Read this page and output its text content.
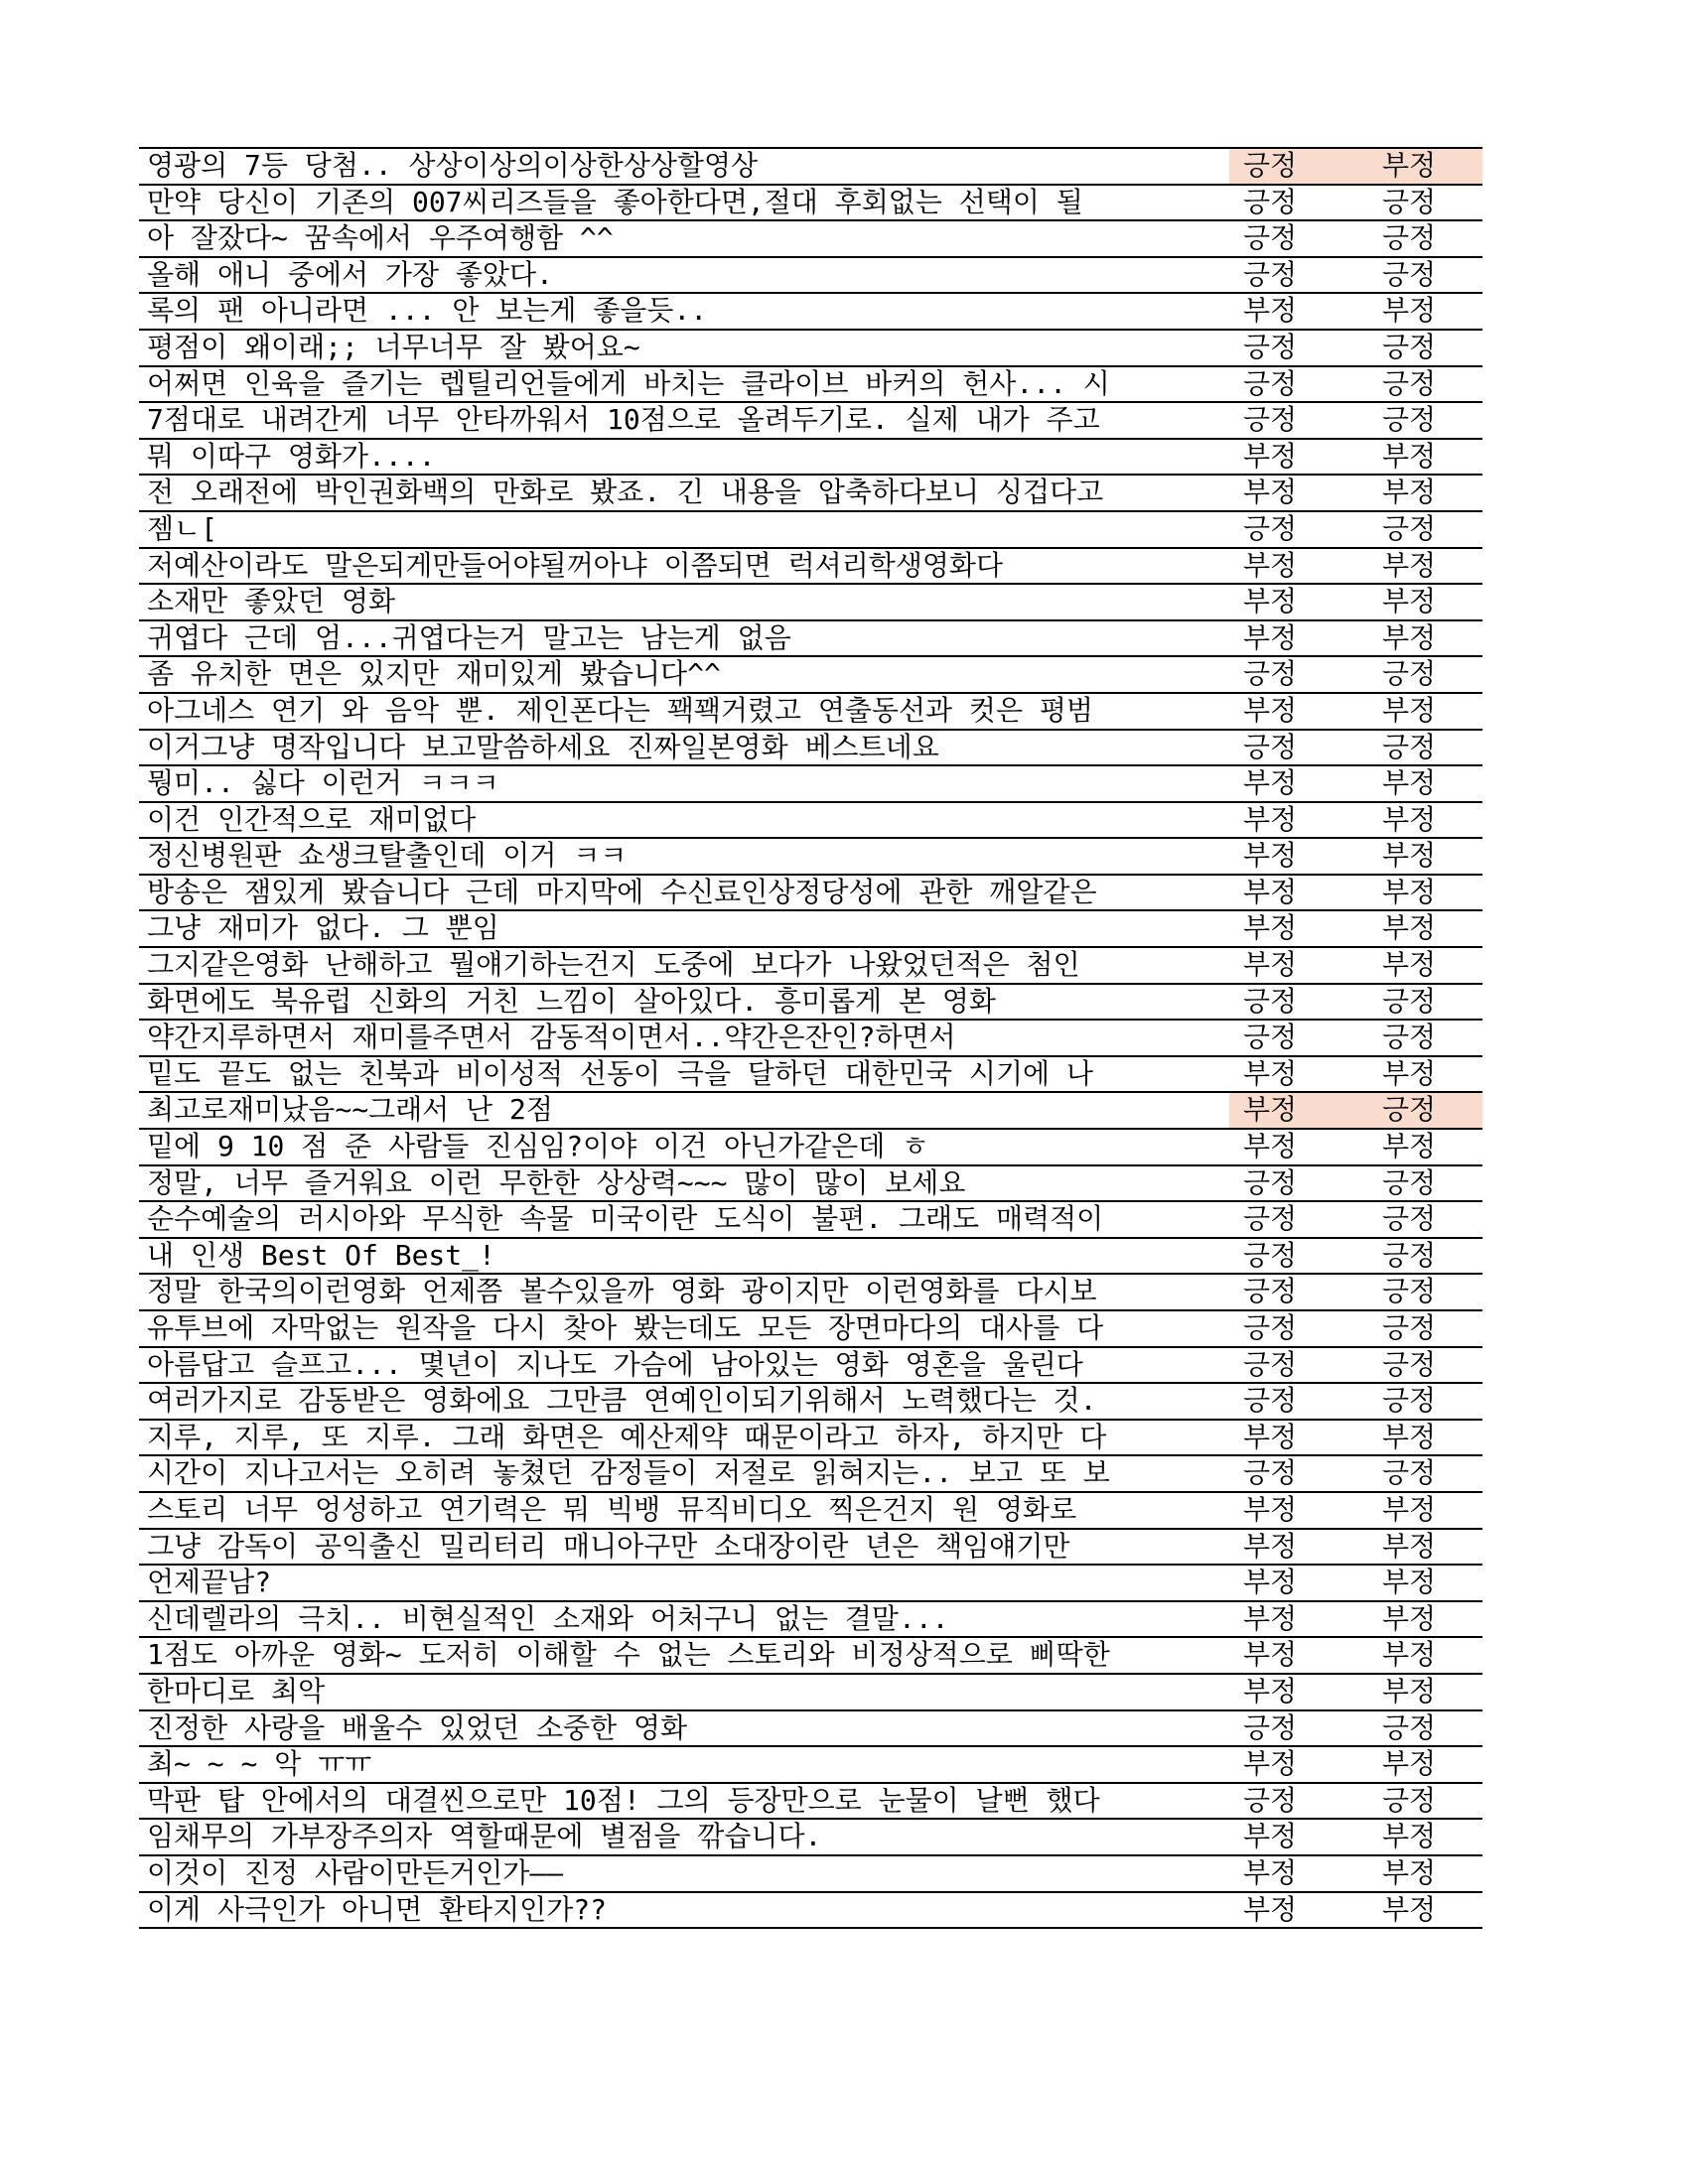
영광의 7등 당첨.. 상상이상의이상한상상할영상	긍정	부정
만약 당신이 기존의 007씨리즈들을 좋아한다면,절대 후회없는 선택이 될	긍정	긍정
아 잘잤다~ 꿈속에서 우주여행함 ^^	긍정	긍정
올해 애니 중에서 가장 좋았다.	긍정	긍정
록의 팬 아니라면 ... 안 보는게 좋을듯..	부정	부정
평점이 왜이래;; 너무너무 잘 봤어요~	긍정	긍정
어쩌면 인육을 즐기는 렙틸리언들에게 바치는 클라이브 바커의 헌사... 시	긍정	긍정
7점대로 내려간게 너무 안타까워서 10점으로 올려두기로. 실제 내가 주고	긍정	긍정
뭐 이따구 영화가....	부정	부정
전 오래전에 박인권화백의 만화로 봤죠. 긴 내용을 압축하다보니 싱겁다고	부정	부정
젬ㄴ[	긍정	긍정
저예산이라도 말은되게만들어야될꺼아냐 이쯤되면 럭셔리학생영화다	부정	부정
소재만 좋았던 영화	부정	부정
귀엽다 근데 엄...귀엽다는거 말고는 남는게 없음	부정	부정
좀 유치한 면은 있지만 재미있게 봤습니다^^	긍정	긍정
아그네스 연기 와 음악 뿐. 제인폰다는 꽥꽥거렸고 연출동선과 컷은 평범	부정	부정
이거그냥 명작입니다 보고말씀하세요 진짜일본영화 베스트네요	긍정	긍정
뭥미.. 싫다 이런거 ㅋㅋㅋ	부정	부정
이건 인간적으로 재미없다	부정	부정
정신병원판 쇼생크탈출인데 이거 ㅋㅋ	부정	부정
방송은 잼있게 봤습니다 근데 마지막에 수신료인상정당성에 관한 깨알같은	부정	부정
그냥 재미가 없다. 그 뿐임	부정	부정
그지같은영화 난해하고 뭘얘기하는건지 도중에 보다가 나왔었던적은 첨인	부정	부정
화면에도 북유럽 신화의 거친 느낌이 살아있다. 흥미롭게 본 영화	긍정	긍정
약간지루하면서 재미를주면서 감동적이면서..약간은잔인?하면서	긍정	긍정
밑도 끝도 없는 친북과 비이성적 선동이 극을 달하던 대한민국 시기에 나	부정	부정
최고로재미났음~~그래서 난 2점	부정	긍정
밑에 9 10 점 준 사람들 진심임?이야 이건 아닌가같은데 ㅎ	부정	부정
정말, 너무 즐거워요 이런 무한한 상상력~~~ 많이 많이 보세요	긍정	긍정
순수예술의 러시아와 무식한 속물 미국이란 도식이 불편. 그래도 매력적이	긍정	긍정
내 인생 Best Of Best_!	긍정	긍정
정말 한국의이런영화 언제쯤 볼수있을까 영화 광이지만 이런영화를 다시보	긍정	긍정
유투브에 자막없는 원작을 다시 찾아 봤는데도 모든 장면마다의 대사를 다	긍정	긍정
아름답고 슬프고... 몇년이 지나도 가슴에 남아있는 영화 영혼을 울린다	긍정	긍정
여러가지로 감동받은 영화에요 그만큼 연예인이되기위해서 노력했다는 것.	긍정	긍정
지루, 지루, 또 지루. 그래 화면은 예산제약 때문이라고 하자, 하지만 다	부정	부정
시간이 지나고서는 오히려 놓쳤던 감정들이 저절로 읽혀지는.. 보고 또 보	긍정	긍정
스토리 너무 엉성하고 연기력은 뭐 빅뱅 뮤직비디오 찍은건지 원 영화로	부정	부정
그냥 감독이 공익출신 밀리터리 매니아구만 소대장이란 년은 책임얘기만	부정	부정
언제끝남?	부정	부정
신데렐라의 극치.. 비현실적인 소재와 어처구니 없는 결말...	부정	부정
1점도 아까운 영화~ 도저히 이해할 수 없는 스토리와 비정상적으로 삐딱한	부정	부정
한마디로 최악	부정	부정
진정한 사랑을 배울수 있었던 소중한 영화	긍정	긍정
최~ ~ ~ 악 ㅠㅠ	부정	부정
막판 탑 안에서의 대결씬으로만 10점! 그의 등장만으로 눈물이 날뻔 했다	긍정	긍정
임채무의 가부장주의자 역할때문에 별점을 깎습니다.	부정	부정
이것이 진정 사람이만든거인가——	부정	부정
이게 사극인가 아니면 환타지인가??	부정	부정
